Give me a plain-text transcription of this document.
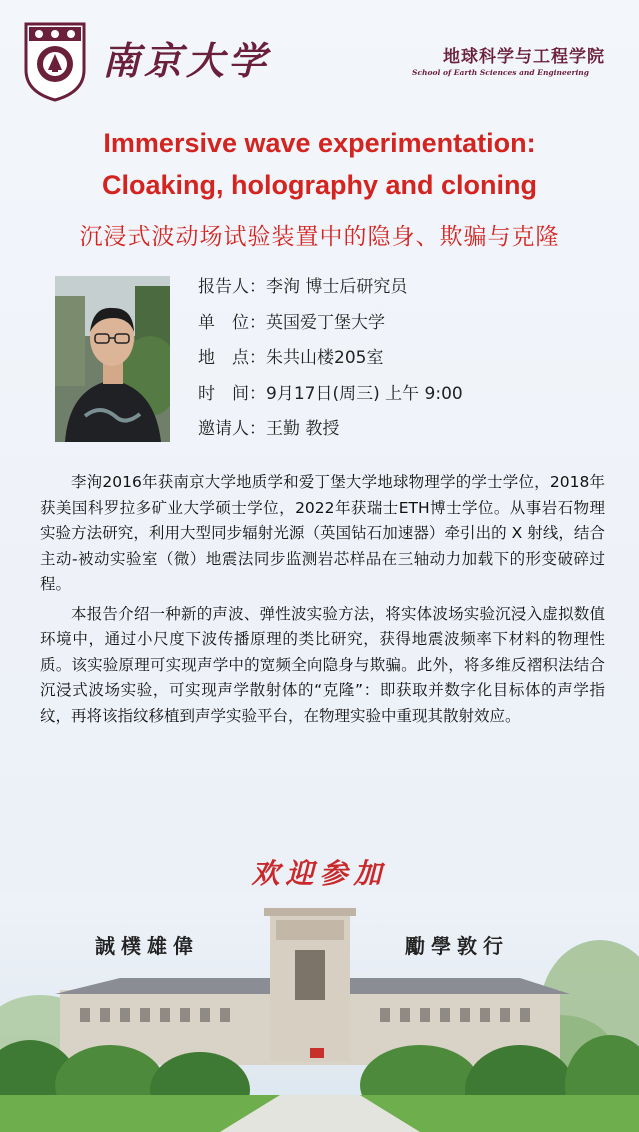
南京大学	地球科学与工程学院
School of Earth Sciences and Engineering
Immersive wave experimentation:
Cloaking, holography and cloning
沉浸式波动场试验装置中的隐身、欺骗与克隆
报告人：李洵 博士后研究员
单　位：英国爱丁堡大学
地　点：朱共山楼205室
时　间：9月17日(周三) 上午 9:00
邀请人：王勤 教授

李洵2016年获南京大学地质学和爱丁堡大学地球物理学的学士学位，2018年获美国科罗拉多矿业大学硕士学位，2022年获瑞士ETH博士学位。从事岩石物理实验方法研究，利用大型同步辐射光源（英国钻石加速器）牵引出的 X 射线，结合主动-被动实验室（微）地震法同步监测岩芯样品在三轴动力加载下的形变破碎过程。

本报告介绍一种新的声波、弹性波实验方法，将实体波场实验沉浸入虚拟数值环境中，通过小尺度下波传播原理的类比研究，获得地震波频率下材料的物理性质。该实验原理可实现声学中的宽频全向隐身与欺骗。此外，将多维反褶积法结合沉浸式波场实验，可实现声学散射体的“克隆”：即获取并数字化目标体的声学指纹，再将该指纹移植到声学实验平台，在物理实验中重现其散射效应。

欢迎参加
誠樸雄偉	勵學敦行
